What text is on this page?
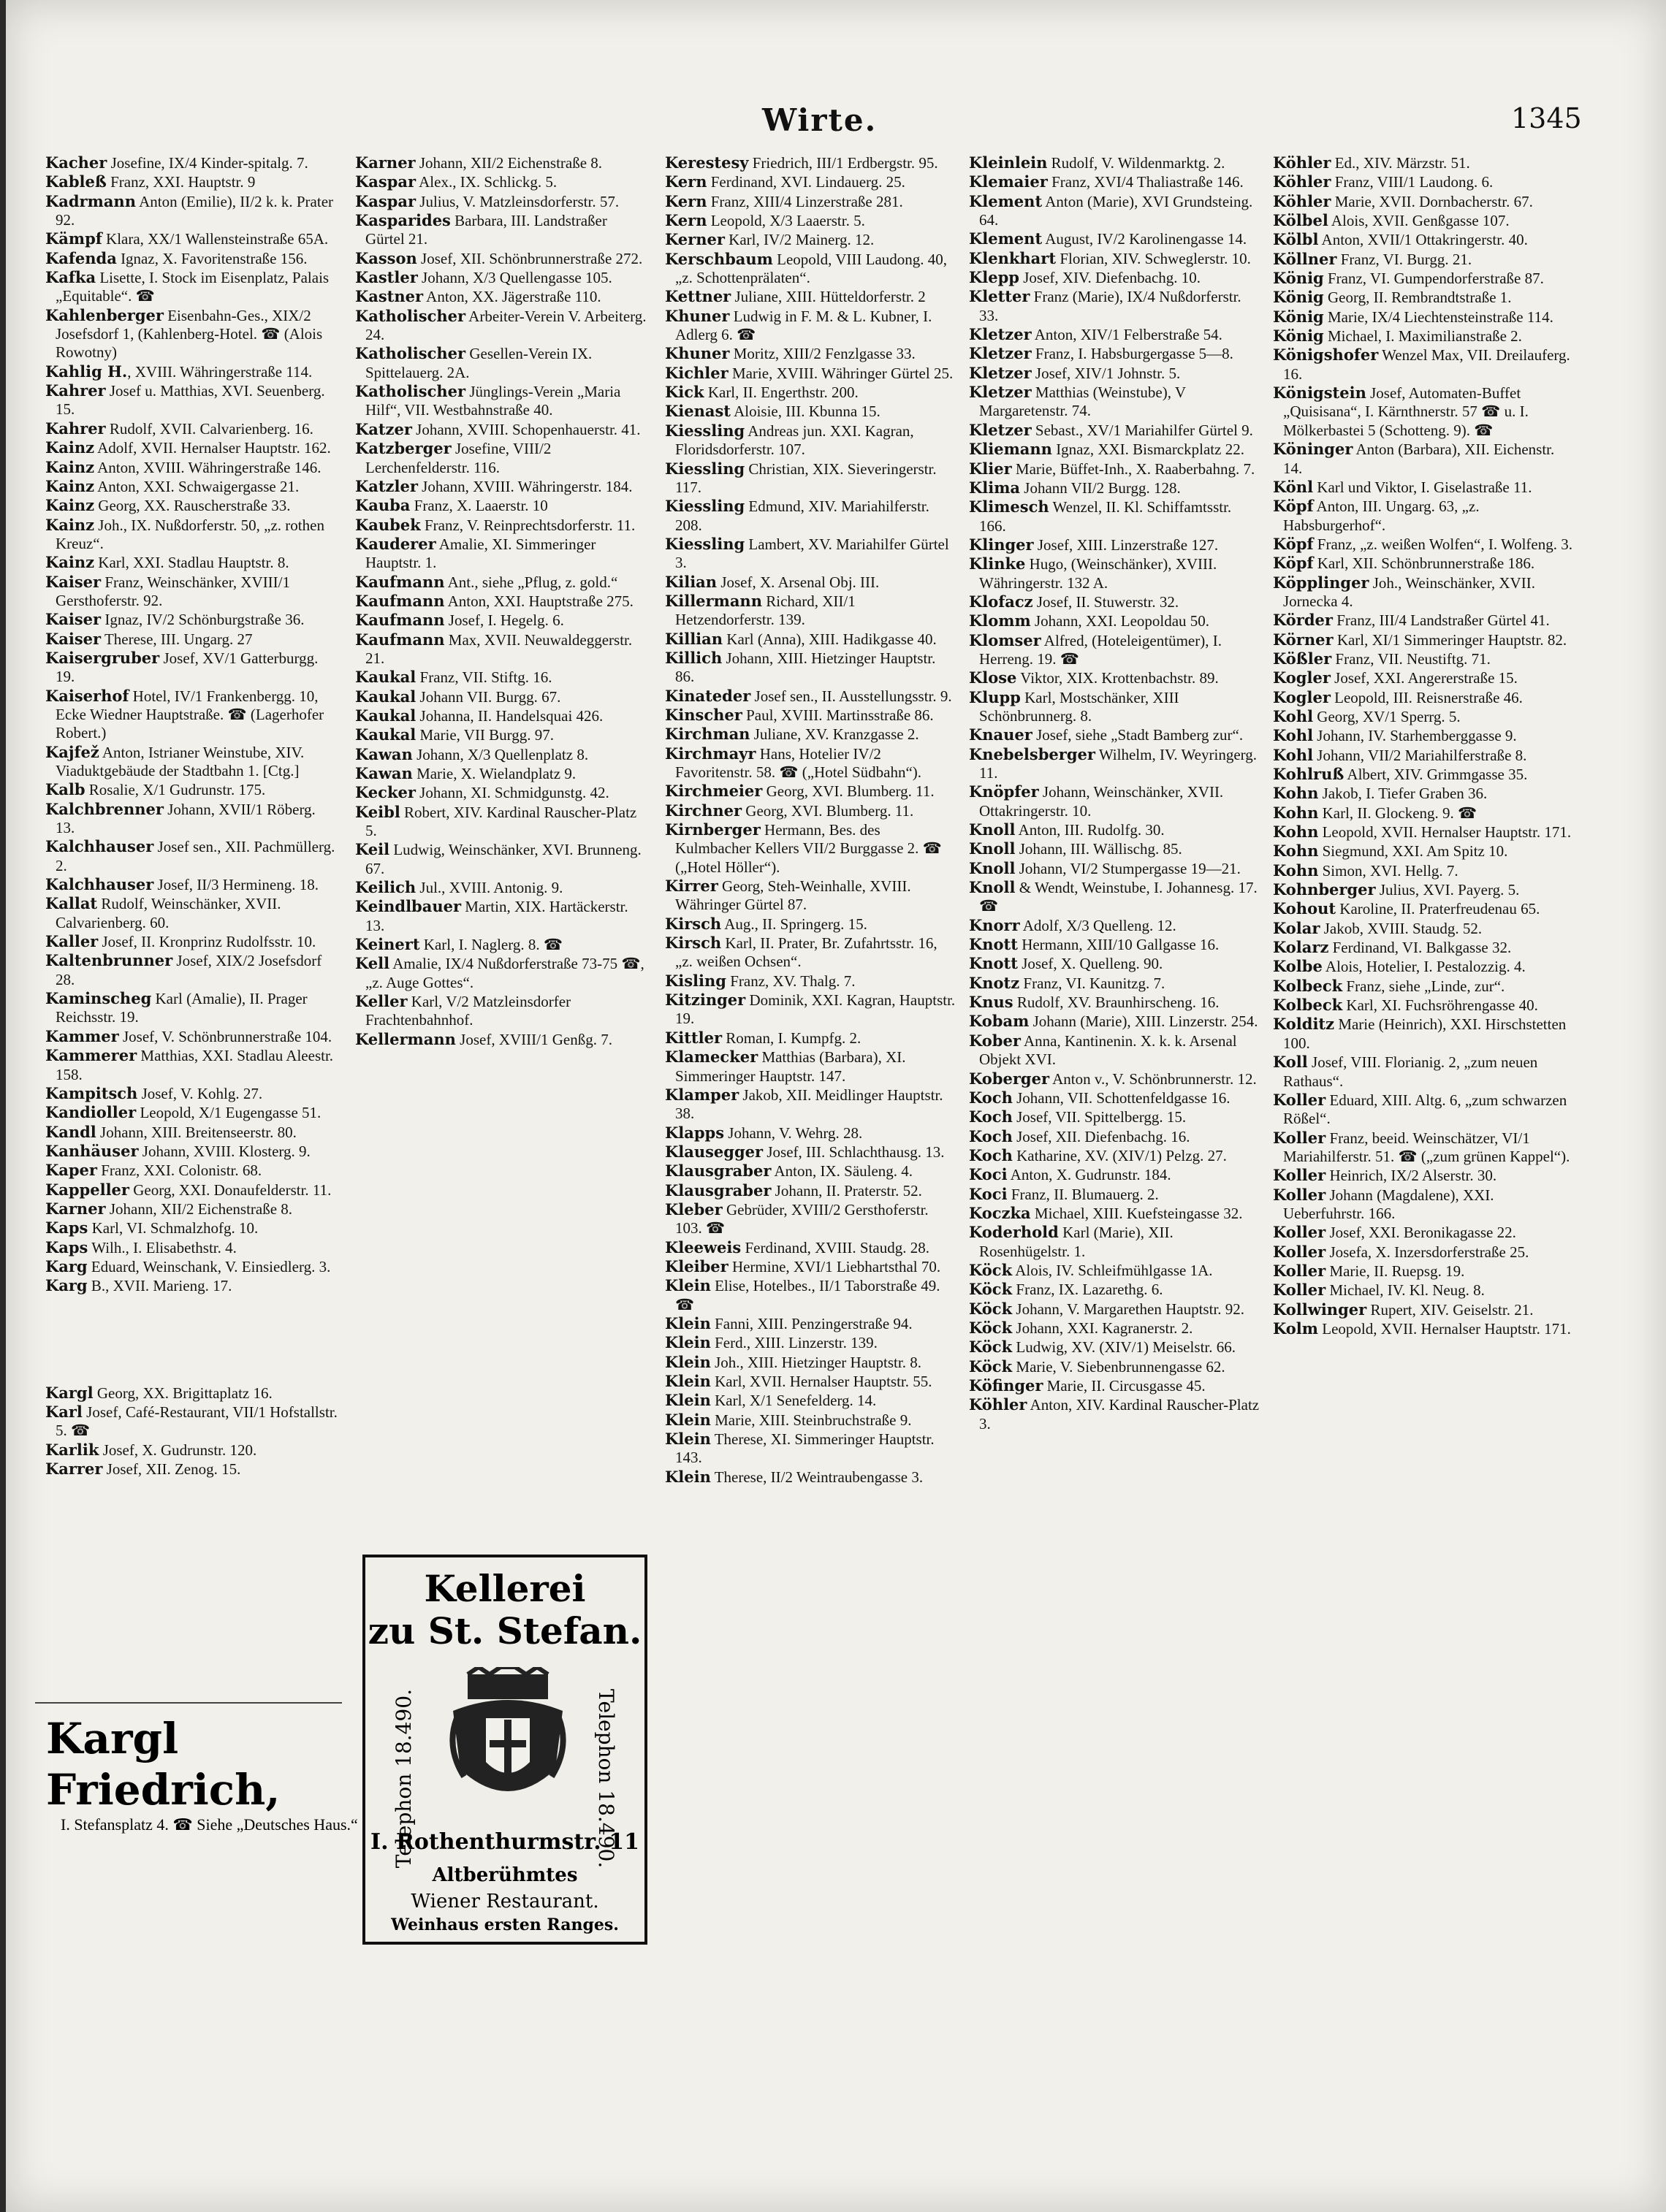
Wirte.	1345

Kacher Josefine, IX/4 Kinder-spitalg. 7.

Kableß Franz, XXI. Hauptstr. 9

Kadrmann Anton (Emilie), II/2 k. k. Prater 92.

Kämpf Klara, XX/1 Wallensteinstraße 65A.

Kafenda Ignaz, X. Favoritenstraße 156.

Kafka Lisette, I. Stock im Eisenplatz, Palais „Equitable“. ☎

Kahlenberger Eisenbahn-Ges., XIX/2 Josefsdorf 1, (Kahlenberg-Hotel. ☎ (Alois Rowotny)

Kahlig H., XVIII. Währingerstraße 114.

Kahrer Josef u. Matthias, XVI. Seuenberg. 15.

Kahrer Rudolf, XVII. Calvarienberg. 16.

Kainz Adolf, XVII. Hernalser Hauptstr. 162.

Kainz Anton, XVIII. Währingerstraße 146.

Kainz Anton, XXI. Schwaigergasse 21.

Kainz Georg, XX. Rauscherstraße 33.

Kainz Joh., IX. Nußdorferstr. 50, „z. rothen Kreuz“.

Kainz Karl, XXI. Stadlau Hauptstr. 8.

Kaiser Franz, Weinschänker, XVIII/1 Gersthoferstr. 92.

Kaiser Ignaz, IV/2 Schönburgstraße 36.

Kaiser Therese, III. Ungarg. 27

Kaisergruber Josef, XV/1 Gatterburgg. 19.

Kaiserhof Hotel, IV/1 Frankenbergg. 10, Ecke Wiedner Hauptstraße. ☎ (Lagerhofer Robert.)

Kajfež Anton, Istrianer Weinstube, XIV. Viaduktgebäude der Stadtbahn 1. [Ctg.]

Kalb Rosalie, X/1 Gudrunstr. 175.

Kalchbrenner Johann, XVII/1 Röberg. 13.

Kalchhauser Josef sen., XII. Pachmüllerg. 2.

Kalchhauser Josef, II/3 Hermineng. 18.

Kallat Rudolf, Weinschänker, XVII. Calvarienberg. 60.

Kaller Josef, II. Kronprinz Rudolfsstr. 10.

Kaltenbrunner Josef, XIX/2 Josefsdorf 28.

Kaminscheg Karl (Amalie), II. Prager Reichsstr. 19.

Kammer Josef, V. Schönbrunnerstraße 104.

Kammerer Matthias, XXI. Stadlau Aleestr. 158.

Kampitsch Josef, V. Kohlg. 27.

Kandioller Leopold, X/1 Eugengasse 51.

Kandl Johann, XIII. Breitenseerstr. 80.

Kanhäuser Johann, XVIII. Klosterg. 9.

Kaper Franz, XXI. Colonistr. 68.

Kappeller Georg, XXI. Donaufelderstr. 11.

Karner Johann, XII/2 Eichenstraße 8.

Kaps Karl, VI. Schmalzhofg. 10.

Kaps Wilh., I. Elisabethstr. 4.

Karg Eduard, Weinschank, V. Einsiedlerg. 3.

Karg B., XVII. Marieng. 17.

Kargl Georg, XX. Brigittaplatz 16.

Karl Josef, Café-Restaurant, VII/1 Hofstallstr. 5. ☎

Karlik Josef, X. Gudrunstr. 120.

Karrer Josef, XII. Zenog. 15.

Karner Johann, XII/2 Eichenstraße 8.

Kaspar Alex., IX. Schlickg. 5.

Kaspar Julius, V. Matzleinsdorferstr. 57.

Kasparides Barbara, III. Landstraßer Gürtel 21.

Kasson Josef, XII. Schönbrunnerstraße 272.

Kastler Johann, X/3 Quellengasse 105.

Kastner Anton, XX. Jägerstraße 110.

Katholischer Arbeiter-Verein V. Arbeiterg. 24.

Katholischer Gesellen-Verein IX. Spittelauerg. 2A.

Katholischer Jünglings-Verein „Maria Hilf“, VII. Westbahnstraße 40.

Katzer Johann, XVIII. Schopenhauerstr. 41.

Katzberger Josefine, VIII/2 Lerchenfelderstr. 116.

Katzler Johann, XVIII. Währingerstr. 184.

Kauba Franz, X. Laaerstr. 10

Kaubek Franz, V. Reinprechtsdorferstr. 11.

Kauderer Amalie, XI. Simmeringer Hauptstr. 1.

Kaufmann Ant., siehe „Pflug, z. gold.“

Kaufmann Anton, XXI. Hauptstraße 275.

Kaufmann Josef, I. Hegelg. 6.

Kaufmann Max, XVII. Neuwaldeggerstr. 21.

Kaukal Franz, VII. Stiftg. 16.

Kaukal Johann VII. Burgg. 67.

Kaukal Johanna, II. Handelsquai 426.

Kaukal Marie, VII Burgg. 97.

Kawan Johann, X/3 Quellenplatz 8.

Kawan Marie, X. Wielandplatz 9.

Kecker Johann, XI. Schmidgunstg. 42.

Keibl Robert, XIV. Kardinal Rauscher-Platz 5.

Keil Ludwig, Weinschänker, XVI. Brunneng. 67.

Keilich Jul., XVIII. Antonig. 9.

Keindlbauer Martin, XIX. Hartäckerstr. 13.

Keinert Karl, I. Naglerg. 8. ☎

Kell Amalie, IX/4 Nußdorferstraße 73-75 ☎, „z. Auge Gottes“.

Keller Karl, V/2 Matzleinsdorfer Frachtenbahnhof.

Kellermann Josef, XVIII/1 Genßg. 7.

Kerestesy Friedrich, III/1 Erdbergstr. 95.

Kern Ferdinand, XVI. Lindauerg. 25.

Kern Franz, XIII/4 Linzerstraße 281.

Kern Leopold, X/3 Laaerstr. 5.

Kerner Karl, IV/2 Mainerg. 12.

Kerschbaum Leopold, VIII Laudong. 40, „z. Schottenprälaten“.

Kettner Juliane, XIII. Hütteldorferstr. 2

Khuner Ludwig in F. M. & L. Kubner, I. Adlerg 6. ☎

Khuner Moritz, XIII/2 Fenzlgasse 33.

Kichler Marie, XVIII. Währinger Gürtel 25.

Kick Karl, II. Engerthstr. 200.

Kienast Aloisie, III. Kbunna 15.

Kiessling Andreas jun. XXI. Kagran, Floridsdorferstr. 107.

Kiessling Christian, XIX. Sieveringerstr. 117.

Kiessling Edmund, XIV. Mariahilferstr. 208.

Kiessling Lambert, XV. Mariahilfer Gürtel 3.

Kilian Josef, X. Arsenal Obj. III.

Killermann Richard, XII/1 Hetzendorferstr. 139.

Killian Karl (Anna), XIII. Hadikgasse 40.

Killich Johann, XIII. Hietzinger Hauptstr. 86.

Kinateder Josef sen., II. Ausstellungsstr. 9.

Kinscher Paul, XVIII. Martinsstraße 86.

Kirchman Juliane, XV. Kranzgasse 2.

Kirchmayr Hans, Hotelier IV/2 Favoritenstr. 58. ☎ („Hotel Südbahn“).

Kirchmeier Georg, XVI. Blumberg. 11.

Kirchner Georg, XVI. Blumberg. 11.

Kirnberger Hermann, Bes. des Kulmbacher Kellers VII/2 Burggasse 2. ☎ („Hotel Höller“).

Kirrer Georg, Steh-Weinhalle, XVIII. Währinger Gürtel 87.

Kirsch Aug., II. Springerg. 15.

Kirsch Karl, II. Prater, Br. Zufahrtsstr. 16, „z. weißen Ochsen“.

Kisling Franz, XV. Thalg. 7.

Kitzinger Dominik, XXI. Kagran, Hauptstr. 19.

Kittler Roman, I. Kumpfg. 2.

Klamecker Matthias (Barbara), XI. Simmeringer Hauptstr. 147.

Klamper Jakob, XII. Meidlinger Hauptstr. 38.

Klapps Johann, V. Wehrg. 28.

Klausegger Josef, III. Schlachthausg. 13.

Klausgraber Anton, IX. Säuleng. 4.

Klausgraber Johann, II. Praterstr. 52.

Kleber Gebrüder, XVIII/2 Gersthoferstr. 103. ☎

Kleeweis Ferdinand, XVIII. Staudg. 28.

Kleiber Hermine, XVI/1 Liebhartsthal 70.

Klein Elise, Hotelbes., II/1 Taborstraße 49. ☎

Klein Fanni, XIII. Penzingerstraße 94.

Klein Ferd., XIII. Linzerstr. 139.

Klein Joh., XIII. Hietzinger Hauptstr. 8.

Klein Karl, XVII. Hernalser Hauptstr. 55.

Klein Karl, X/1 Senefelderg. 14.

Klein Marie, XIII. Steinbruchstraße 9.

Klein Therese, XI. Simmeringer Hauptstr. 143.

Klein Therese, II/2 Weintraubengasse 3.

Kleinlein Rudolf, V. Wildenmarktg. 2.

Klemaier Franz, XVI/4 Thaliastraße 146.

Klement Anton (Marie), XVI Grundsteing. 64.

Klement August, IV/2 Karolinengasse 14.

Klenkhart Florian, XIV. Schweglerstr. 10.

Klepp Josef, XIV. Diefenbachg. 10.

Kletter Franz (Marie), IX/4 Nußdorferstr. 33.

Kletzer Anton, XIV/1 Felberstraße 54.

Kletzer Franz, I. Habsburgergasse 5—8.

Kletzer Josef, XIV/1 Johnstr. 5.

Kletzer Matthias (Weinstube), V Margaretenstr. 74.

Kletzer Sebast., XV/1 Mariahilfer Gürtel 9.

Kliemann Ignaz, XXI. Bismarckplatz 22.

Klier Marie, Büffet-Inh., X. Raaberbahng. 7.

Klima Johann VII/2 Burgg. 128.

Klimesch Wenzel, II. Kl. Schiffamtsstr. 166.

Klinger Josef, XIII. Linzerstraße 127.

Klinke Hugo, (Weinschänker), XVIII. Währingerstr. 132 A.

Klofacz Josef, II. Stuwerstr. 32.

Klomm Johann, XXI. Leopoldau 50.

Klomser Alfred, (Hoteleigentümer), I. Herreng. 19. ☎

Klose Viktor, XIX. Krottenbachstr. 89.

Klupp Karl, Mostschänker, XIII Schönbrunnerg. 8.

Knauer Josef, siehe „Stadt Bamberg zur“.

Knebelsberger Wilhelm, IV. Weyringerg. 11.

Knöpfer Johann, Weinschänker, XVII. Ottakringerstr. 10.

Knoll Anton, III. Rudolfg. 30.

Knoll Johann, III. Wällischg. 85.

Knoll Johann, VI/2 Stumpergasse 19—21.

Knoll & Wendt, Weinstube, I. Johannesg. 17. ☎

Knorr Adolf, X/3 Quelleng. 12.

Knott Hermann, XIII/10 Gallgasse 16.

Knott Josef, X. Quelleng. 90.

Knotz Franz, VI. Kaunitzg. 7.

Knus Rudolf, XV. Braunhirscheng. 16.

Kobam Johann (Marie), XIII. Linzerstr. 254.

Kober Anna, Kantinenin. X. k. k. Arsenal Objekt XVI.

Koberger Anton v., V. Schönbrunnerstr. 12.

Koch Johann, VII. Schottenfeldgasse 16.

Koch Josef, VII. Spittelbergg. 15.

Koch Josef, XII. Diefenbachg. 16.

Koch Katharine, XV. (XIV/1) Pelzg. 27.

Koci Anton, X. Gudrunstr. 184.

Koci Franz, II. Blumauerg. 2.

Koczka Michael, XIII. Kuefsteingasse 32.

Koderhold Karl (Marie), XII. Rosenhügelstr. 1.

Köck Alois, IV. Schleifmühlgasse 1A.

Köck Franz, IX. Lazarethg. 6.

Köck Johann, V. Margarethen Hauptstr. 92.

Köck Johann, XXI. Kagranerstr. 2.

Köck Ludwig, XV. (XIV/1) Meiselstr. 66.

Köck Marie, V. Siebenbrunnengasse 62.

Köfinger Marie, II. Circusgasse 45.

Köhler Anton, XIV. Kardinal Rauscher-Platz 3.

Köhler Ed., XIV. Märzstr. 51.

Köhler Franz, VIII/1 Laudong. 6.

Köhler Marie, XVII. Dornbacherstr. 67.

Kölbel Alois, XVII. Genßgasse 107.

Kölbl Anton, XVII/1 Ottakringerstr. 40.

Köllner Franz, VI. Burgg. 21.

König Franz, VI. Gumpendorferstraße 87.

König Georg, II. Rembrandtstraße 1.

König Marie, IX/4 Liechtensteinstraße 114.

König Michael, I. Maximilianstraße 2.

Königshofer Wenzel Max, VII. Dreilauferg. 16.

Königstein Josef, Automaten-Buffet „Quisisana“, I. Kärnthnerstr. 57 ☎ u. I. Mölkerbastei 5 (Schotteng. 9). ☎

Köninger Anton (Barbara), XII. Eichenstr. 14.

Könl Karl und Viktor, I. Giselastraße 11.

Köpf Anton, III. Ungarg. 63, „z. Habsburgerhof“.

Köpf Franz, „z. weißen Wolfen“, I. Wolfeng. 3.

Köpf Karl, XII. Schönbrunnerstraße 186.

Köpplinger Joh., Weinschänker, XVII. Jornecka 4.

Körder Franz, III/4 Landstraßer Gürtel 41.

Körner Karl, XI/1 Simmeringer Hauptstr. 82.

Kößler Franz, VII. Neustiftg. 71.

Kogler Josef, XXI. Angererstraße 15.

Kogler Leopold, III. Reisnerstraße 46.

Kohl Georg, XV/1 Sperrg. 5.

Kohl Johann, IV. Starhemberggasse 9.

Kohl Johann, VII/2 Mariahilferstraße 8.

Kohlruß Albert, XIV. Grimmgasse 35.

Kohn Jakob, I. Tiefer Graben 36.

Kohn Karl, II. Glockeng. 9. ☎

Kohn Leopold, XVII. Hernalser Hauptstr. 171.

Kohn Siegmund, XXI. Am Spitz 10.

Kohn Simon, XVI. Hellg. 7.

Kohnberger Julius, XVI. Payerg. 5.

Kohout Karoline, II. Praterfreudenau 65.

Kolar Jakob, XVIII. Staudg. 52.

Kolarz Ferdinand, VI. Balkgasse 32.

Kolbe Alois, Hotelier, I. Pestalozzig. 4.

Kolbeck Franz, siehe „Linde, zur“.

Kolbeck Karl, XI. Fuchsröhrengasse 40.

Kolditz Marie (Heinrich), XXI. Hirschstetten 100.

Koll Josef, VIII. Florianig. 2, „zum neuen Rathaus“.

Koller Eduard, XIII. Altg. 6, „zum schwarzen Rößel“.

Koller Franz, beeid. Weinschätzer, VI/1 Mariahilferstr. 51. ☎ („zum grünen Kappel“).

Koller Heinrich, IX/2 Alserstr. 30.

Koller Johann (Magdalene), XXI. Ueberfuhrstr. 166.

Koller Josef, XXI. Beronikagasse 22.

Koller Josefa, X. Inzersdorferstraße 25.

Koller Marie, II. Ruepsg. 19.

Koller Michael, IV. Kl. Neug. 8.

Kollwinger Rupert, XIV. Geiselstr. 21.

Kolm Leopold, XVII. Hernalser Hauptstr. 171.

Kellerei
zu St. Stefan.
Telephon 18.490.	Telephon 18.490.
I. Rothenthurmstr. 11
Altberühmtes
Wiener Restaurant.
Weinhaus ersten Ranges.
Kargl Friedrich,
I. Stefansplatz 4. ☎ Siehe „Deutsches Haus.“
